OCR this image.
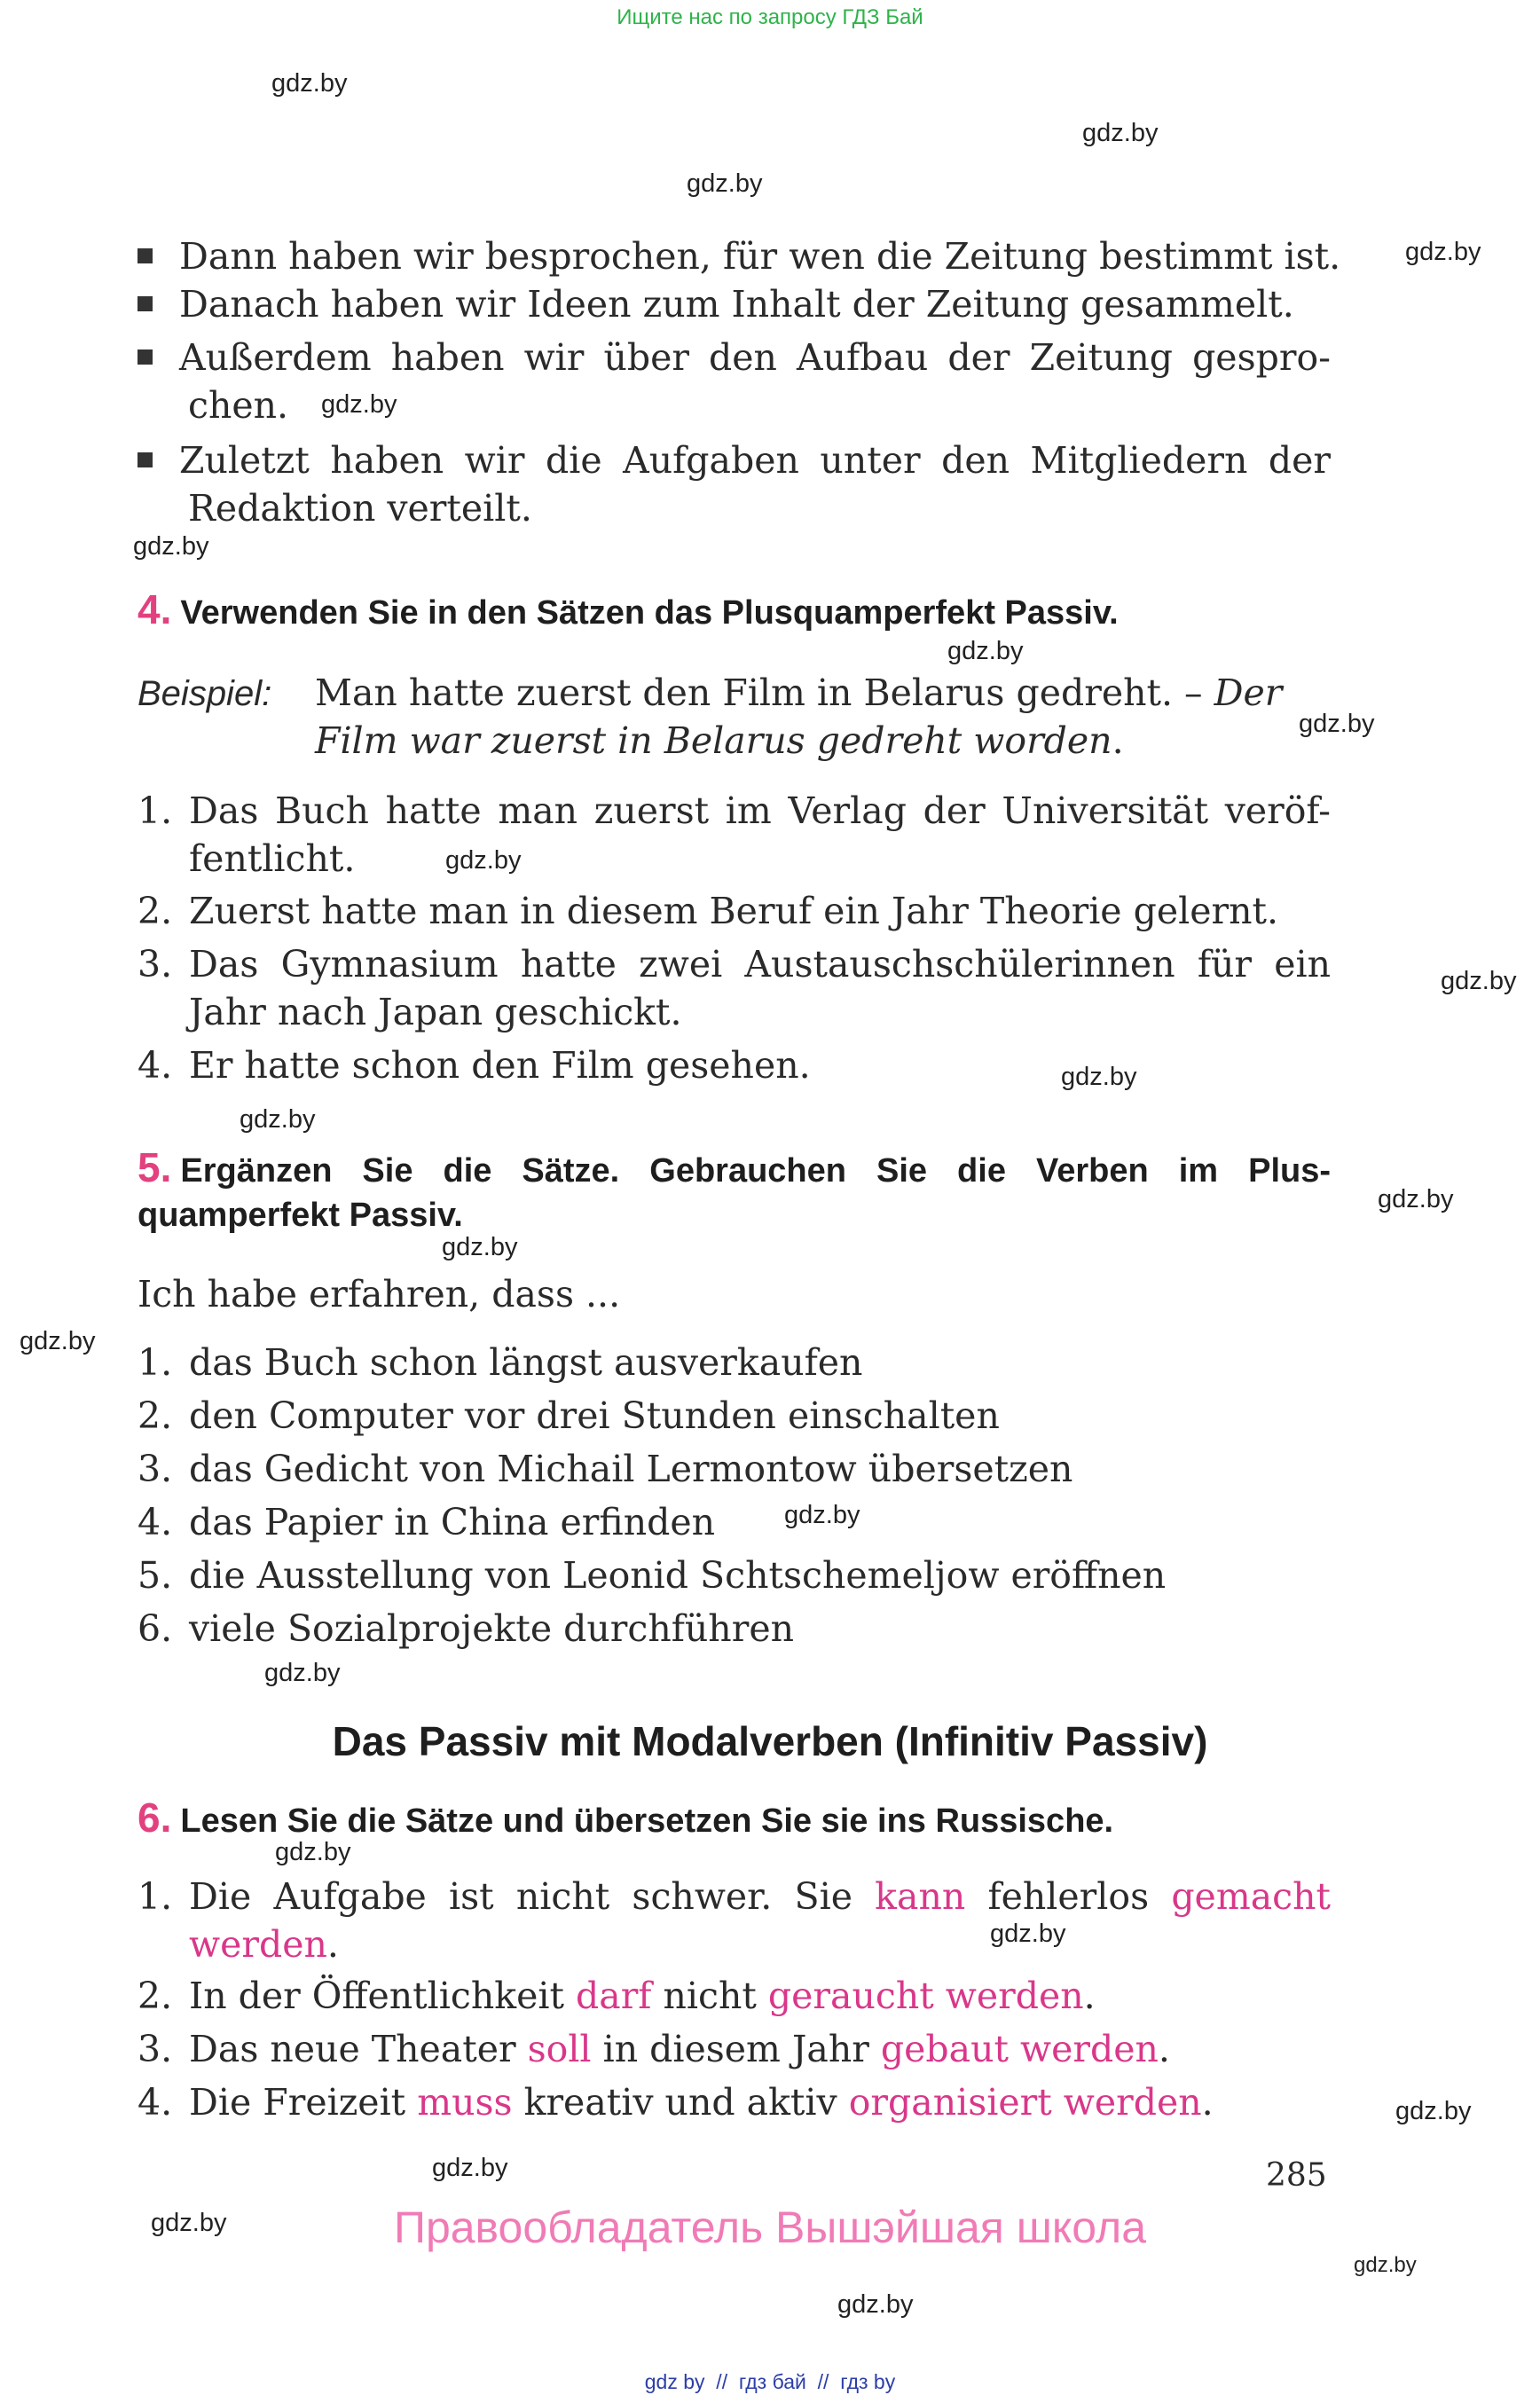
Ищите нас по запросу ГДЗ Бай
gdz.by
gdz.by
gdz.by
gdz.by
gdz.by
gdz.by
gdz.by
gdz.by
gdz.by
gdz.by
gdz.by
gdz.by
gdz.by
gdz.by
gdz.by
gdz.by
gdz.by
gdz.by
gdz.by
gdz.by
gdz.by
gdz.by
gdz.by
gdz.by
Dann haben wir besprochen, für wen die Zeitung bestimmt ist.
Danach haben wir Ideen zum Inhalt der Zeitung gesammelt.
Außerdem haben wir über den Aufbau der Zeitung gespro-
chen.
Zuletzt haben wir die Aufgaben unter den Mitgliedern der
Redaktion verteilt.
4. Verwenden Sie in den Sätzen das Plusquamperfekt Passiv.
Beispiel: Man hatte zuerst den Film in Belarus gedreht. – Der
Film war zuerst in Belarus gedreht worden.
1. Das Buch hatte man zuerst im Verlag der Universität veröf-
fentlicht.
2. Zuerst hatte man in diesem Beruf ein Jahr Theorie gelernt.
3. Das Gymnasium hatte zwei Austauschschülerinnen für ein
Jahr nach Japan geschickt.
4. Er hatte schon den Film gesehen.
5. Ergänzen Sie die Sätze. Gebrauchen Sie die Verben im Plus-
quamperfekt Passiv.
Ich habe erfahren, dass ...
1. das Buch schon längst ausverkaufen
2. den Computer vor drei Stunden einschalten
3. das Gedicht von Michail Lermontow übersetzen
4. das Papier in China erfinden
5. die Ausstellung von Leonid Schtschemeljow eröffnen
6. viele Sozialprojekte durchführen
Das Passiv mit Modalverben (Infinitiv Passiv)
6. Lesen Sie die Sätze und übersetzen Sie sie ins Russische.
1. Die Aufgabe ist nicht schwer. Sie kann fehlerlos gemacht
werden.
2. In der Öffentlichkeit darf nicht geraucht werden.
3. Das neue Theater soll in diesem Jahr gebaut werden.
4. Die Freizeit muss kreativ und aktiv organisiert werden.
285
Правообладатель Вышэйшая школа
gdz by  //  гдз бай  //  гдз by
